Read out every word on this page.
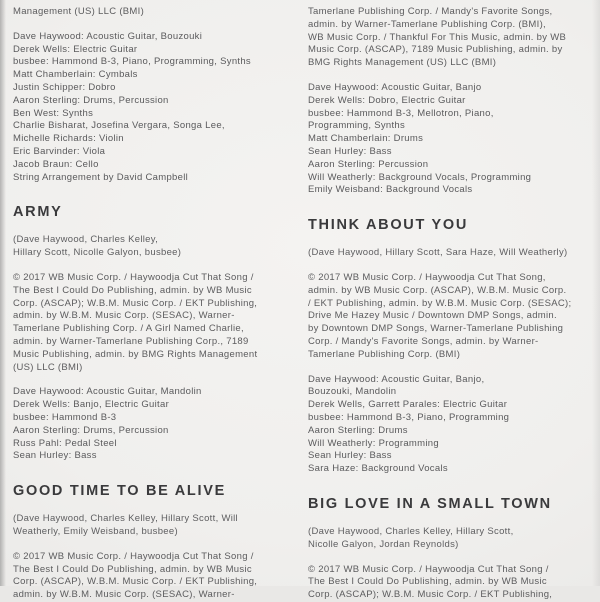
Management (US) LLC (BMI)
Dave Haywood: Acoustic Guitar, Bouzouki
Derek Wells: Electric Guitar
busbee: Hammond B-3, Piano, Programming, Synths
Matt Chamberlain: Cymbals
Justin Schipper: Dobro
Aaron Sterling: Drums, Percussion
Ben West: Synths
Charlie Bisharat, Josefina Vergara, Songa Lee,
Michelle Richards: Violin
Eric Barvinder: Viola
Jacob Braun: Cello
String Arrangement by David Campbell
ARMY
(Dave Haywood, Charles Kelley,
Hillary Scott, Nicolle Galyon, busbee)
© 2017 WB Music Corp. / Haywoodja Cut That Song /
The Best I Could Do Publishing, admin. by WB Music
Corp. (ASCAP); W.B.M. Music Corp. / EKT Publishing,
admin. by W.B.M. Music Corp. (SESAC), Warner-
Tamerlane Publishing Corp. / A Girl Named Charlie,
admin. by Warner-Tamerlane Publishing Corp., 7189
Music Publishing, admin. by BMG Rights Management
(US) LLC (BMI)
Dave Haywood: Acoustic Guitar, Mandolin
Derek Wells: Banjo, Electric Guitar
busbee: Hammond B-3
Aaron Sterling: Drums, Percussion
Russ Pahl: Pedal Steel
Sean Hurley: Bass
GOOD TIME TO BE ALIVE
(Dave Haywood, Charles Kelley, Hillary Scott, Will
Weatherly, Emily Weisband, busbee)
© 2017 WB Music Corp. / Haywoodja Cut That Song /
The Best I Could Do Publishing, admin. by WB Music
Corp. (ASCAP), W.B.M. Music Corp. / EKT Publishing,
admin. by W.B.M. Music Corp. (SESAC), Warner-
Tamerlane Publishing Corp. / Mandy's Favorite Songs,
admin. by Warner-Tamerlane Publishing Corp. (BMI),
WB Music Corp. / Thankful For This Music, admin. by WB
Music Corp. (ASCAP), 7189 Music Publishing, admin. by
BMG Rights Management (US) LLC (BMI)
Dave Haywood: Acoustic Guitar, Banjo
Derek Wells: Dobro, Electric Guitar
busbee: Hammond B-3, Mellotron, Piano,
Programming, Synths
Matt Chamberlain: Drums
Sean Hurley: Bass
Aaron Sterling: Percussion
Will Weatherly: Background Vocals, Programming
Emily Weisband: Background Vocals
THINK ABOUT YOU
(Dave Haywood, Hillary Scott, Sara Haze, Will Weatherly)
© 2017 WB Music Corp. / Haywoodja Cut That Song,
admin. by WB Music Corp. (ASCAP), W.B.M. Music Corp.
/ EKT Publishing, admin. by W.B.M. Music Corp. (SESAC);
Drive Me Hazey Music / Downtown DMP Songs, admin.
by Downtown DMP Songs, Warner-Tamerlane Publishing
Corp. / Mandy's Favorite Songs, admin. by Warner-
Tamerlane Publishing Corp. (BMI)
Dave Haywood: Acoustic Guitar, Banjo,
Bouzouki, Mandolin
Derek Wells, Garrett Parales: Electric Guitar
busbee: Hammond B-3, Piano, Programming
Aaron Sterling: Drums
Will Weatherly: Programming
Sean Hurley: Bass
Sara Haze: Background Vocals
BIG LOVE IN A SMALL TOWN
(Dave Haywood, Charles Kelley, Hillary Scott,
Nicolle Galyon, Jordan Reynolds)
© 2017 WB Music Corp. / Haywoodja Cut That Song /
The Best I Could Do Publishing, admin. by WB Music
Corp. (ASCAP); W.B.M. Music Corp. / EKT Publishing,
